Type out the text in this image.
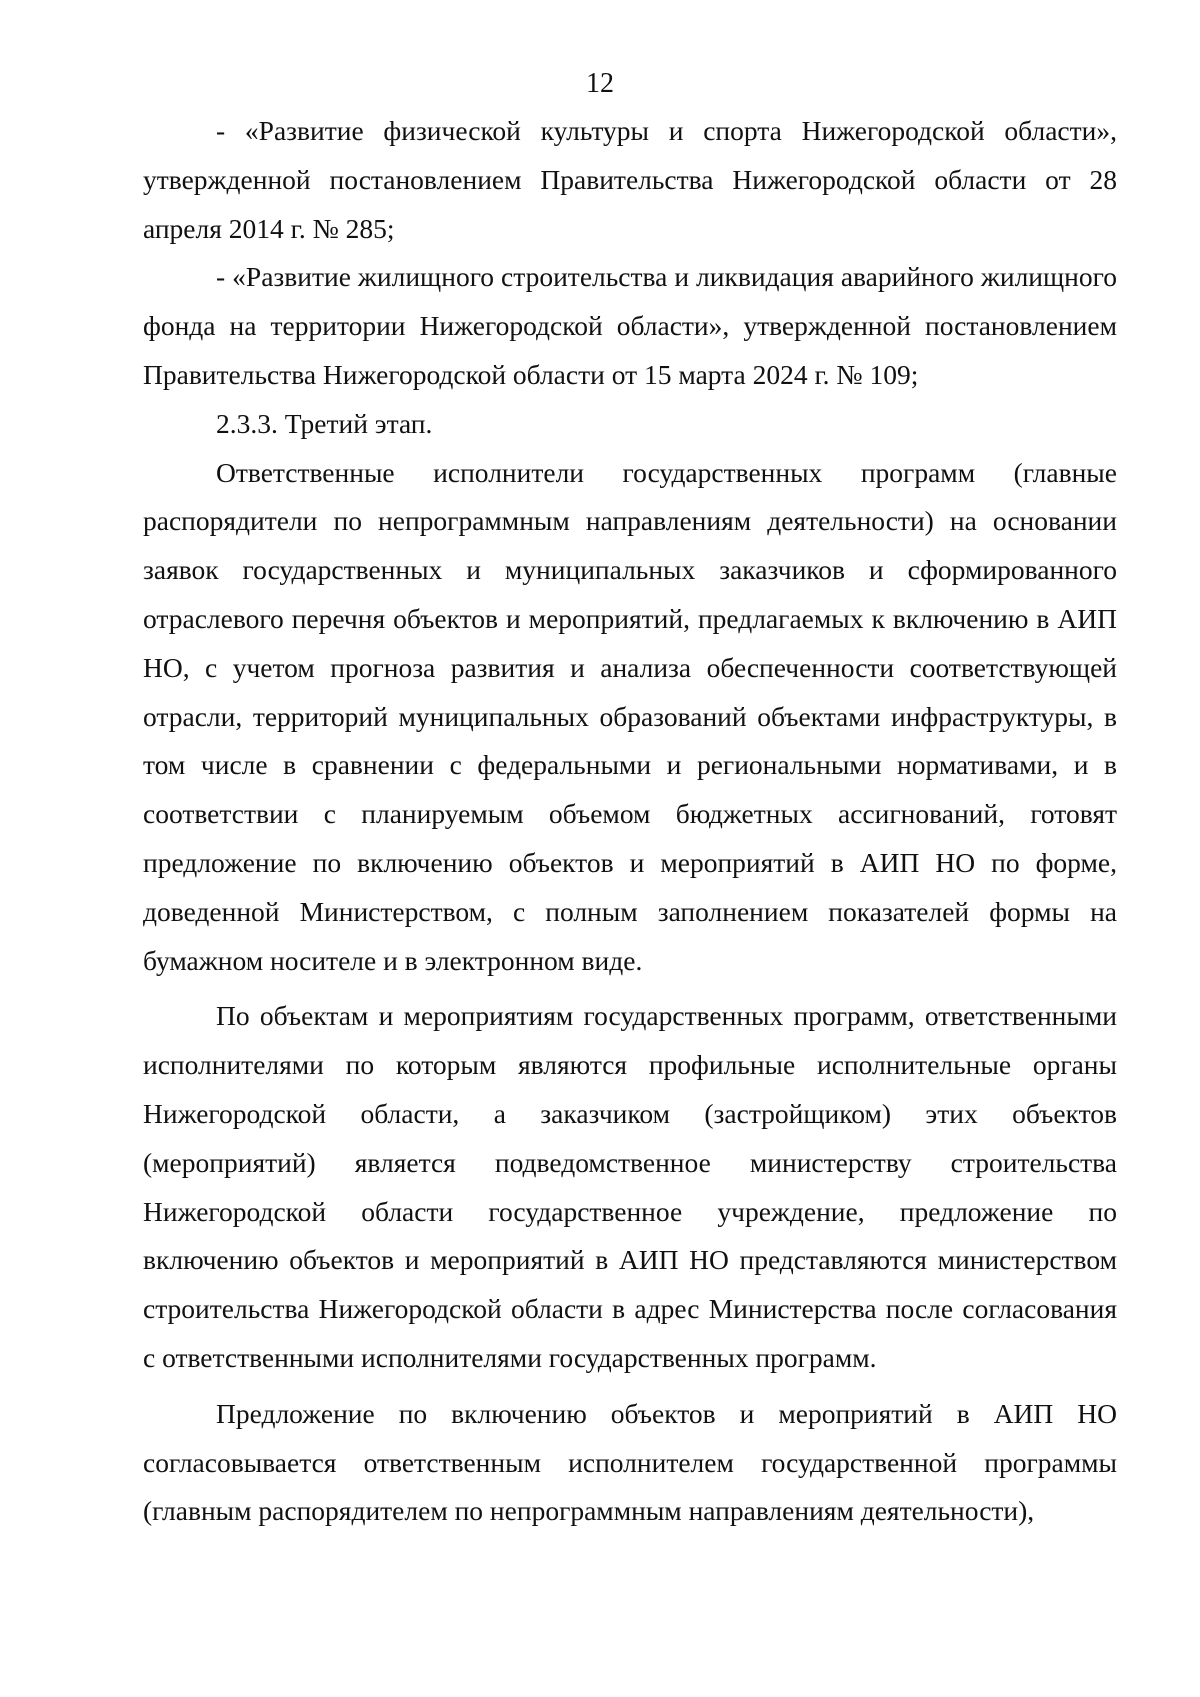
12

- «Развитие физической культуры и спорта Нижегородской области», утвержденной постановлением Правительства Нижегородской области от 28 апреля 2014 г. № 285;

- «Развитие жилищного строительства и ликвидация аварийного жилищного фонда на территории Нижегородской области», утвержденной постановлением Правительства Нижегородской области от 15 марта 2024 г. № 109;

2.3.3. Третий этап.

Ответственные исполнители государственных программ (главные распорядители по непрограммным направлениям деятельности) на основании заявок государственных и муниципальных заказчиков и сформированного отраслевого перечня объектов и мероприятий, предлагаемых к включению в АИП НО, с учетом прогноза развития и анализа обеспеченности соответствующей отрасли, территорий муниципальных образований объектами инфраструктуры, в том числе в сравнении с федеральными и региональными нормативами, и в соответствии с планируемым объемом бюджетных ассигнований, готовят предложение по включению объектов и мероприятий в АИП НО по форме, доведенной Министерством, с полным заполнением показателей формы на бумажном носителе и в электронном виде.

По объектам и мероприятиям государственных программ, ответственными исполнителями по которым являются профильные исполнительные органы Нижегородской области, а заказчиком (застройщиком) этих объектов (мероприятий) является подведомственное министерству строительства Нижегородской области государственное учреждение, предложение по включению объектов и мероприятий в АИП НО представляются министерством строительства Нижегородской области в адрес Министерства после согласования с ответственными исполнителями государственных программ.

Предложение по включению объектов и мероприятий в АИП НО согласовывается ответственным исполнителем государственной программы (главным распорядителем по непрограммным направлениям деятельности),
